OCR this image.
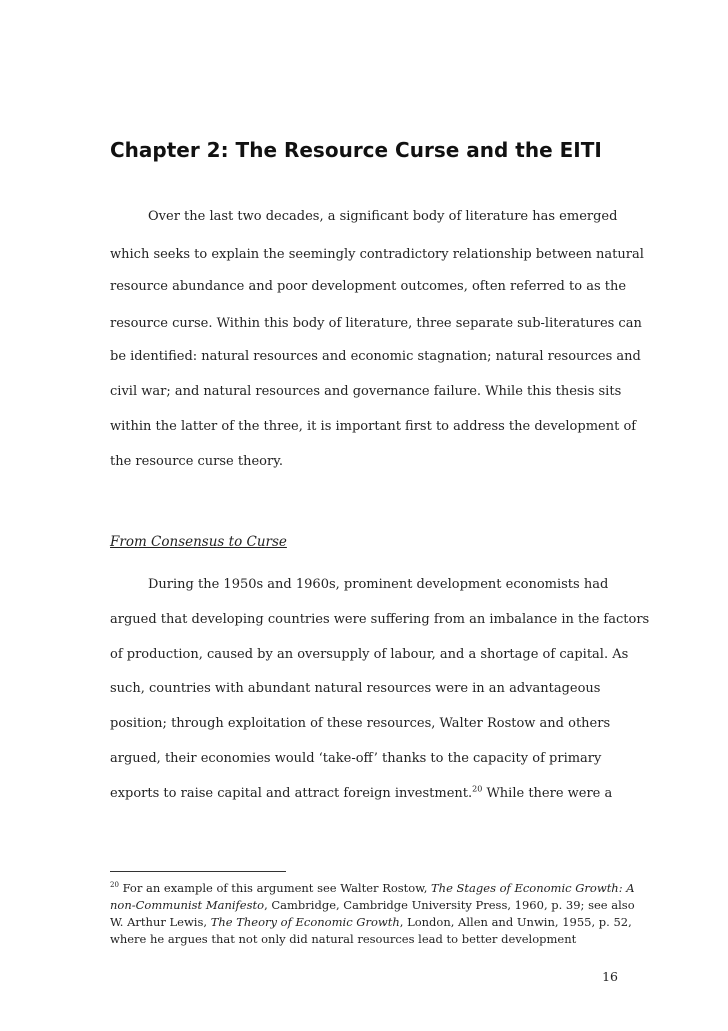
Chapter 2: The Resource Curse and the EITI
Over the last two decades, a significant body of literature has emerged
which seeks to explain the seemingly contradictory relationship between natural
resource abundance and poor development outcomes, often referred to as the
resource curse. Within this body of literature, three separate sub-literatures can
be identified: natural resources and economic stagnation; natural resources and
civil war; and natural resources and governance failure. While this thesis sits
within the latter of the three, it is important first to address the development of
the resource curse theory.
From Consensus to Curse
During the 1950s and 1960s, prominent development economists had
argued that developing countries were suffering from an imbalance in the factors
of production, caused by an oversupply of labour, and a shortage of capital. As
such, countries with abundant natural resources were in an advantageous
position; through exploitation of these resources, Walter Rostow and others
argued, their economies would ‘take-off’ thanks to the capacity of primary
exports to raise capital and attract foreign investment.$^{20}$ While there were a
$^{20}$ For an example of this argument see Walter Rostow, The Stages of Economic Growth: A
non-Communist Manifesto, Cambridge, Cambridge University Press, 1960, p. 39; see also
W. Arthur Lewis, The Theory of Economic Growth, London, Allen and Unwin, 1955, p. 52,
where he argues that not only did natural resources lead to better development
16
